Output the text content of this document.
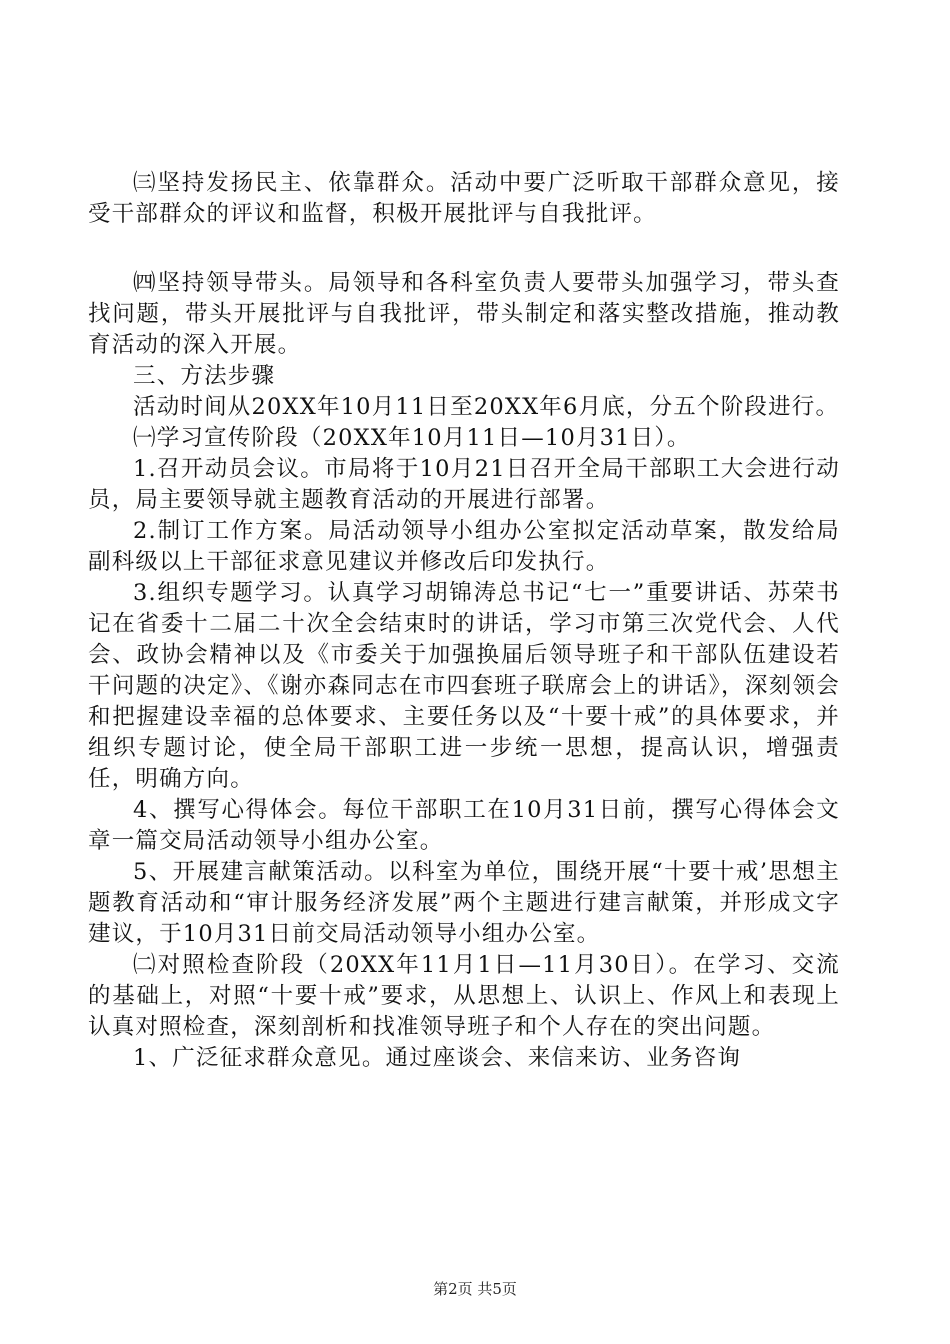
㈢坚持发扬民主、依靠群众。活动中要广泛听取干部群众意见，接受干部群众的评议和监督，积极开展批评与自我批评。

㈣坚持领导带头。局领导和各科室负责人要带头加强学习，带头查找问题，带头开展批评与自我批评，带头制定和落实整改措施，推动教育活动的深入开展。

三、方法步骤

活动时间从20XX年10月11日至20XX年6月底，分五个阶段进行。

㈠学习宣传阶段（20XX年10月11日—10月31日）。

1.召开动员会议。市局将于10月21日召开全局干部职工大会进行动员，局主要领导就主题教育活动的开展进行部署。

2.制订工作方案。局活动领导小组办公室拟定活动草案，散发给局副科级以上干部征求意见建议并修改后印发执行。

3.组织专题学习。认真学习胡锦涛总书记“七一”重要讲话、苏荣书记在省委十二届二十次全会结束时的讲话，学习市第三次党代会、人代会、政协会精神以及《市委关于加强换届后领导班子和干部队伍建设若干问题的决定》、《谢亦森同志在市四套班子联席会上的讲话》，深刻领会和把握建设幸福的总体要求、主要任务以及“十要十戒”的具体要求，并组织专题讨论，使全局干部职工进一步统一思想，提高认识，增强责任，明确方向。

4、撰写心得体会。每位干部职工在10月31日前，撰写心得体会文章一篇交局活动领导小组办公室。

5、开展建言献策活动。以科室为单位，围绕开展“十要十戒’思想主题教育活动和“审计服务经济发展”两个主题进行建言献策，并形成文字建议，于10月31日前交局活动领导小组办公室。

㈡对照检查阶段（20XX年11月1日—11月30日）。在学习、交流的基础上，对照“十要十戒”要求，从思想上、认识上、作风上和表现上认真对照检查，深刻剖析和找准领导班子和个人存在的突出问题。

1、广泛征求群众意见。通过座谈会、来信来访、业务咨询

第2页 共5页
